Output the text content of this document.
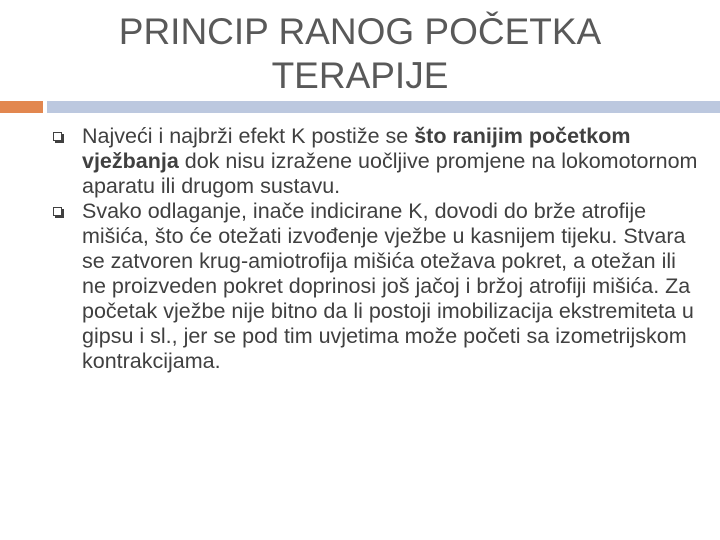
PRINCIP RANOG POČETKA TERAPIJE
Najveći i najbrži efekt K postiže se što ranijim početkom vježbanja dok nisu izražene uočljive promjene na lokomotornom aparatu ili drugom sustavu.
Svako odlaganje, inače indicirane K, dovodi do brže atrofije mišića, što će otežati izvođenje vježbe u kasnijem tijeku. Stvara se zatvoren krug-amiotrofija mišića otežava pokret, a otežan ili ne proizveden pokret doprinosi još jačoj i bržoj atrofiji mišića. Za početak vježbe nije bitno da li postoji imobilizacija ekstremiteta u gipsu i sl., jer se pod tim uvjetima može početi sa izometrijskom kontrakcijama.
